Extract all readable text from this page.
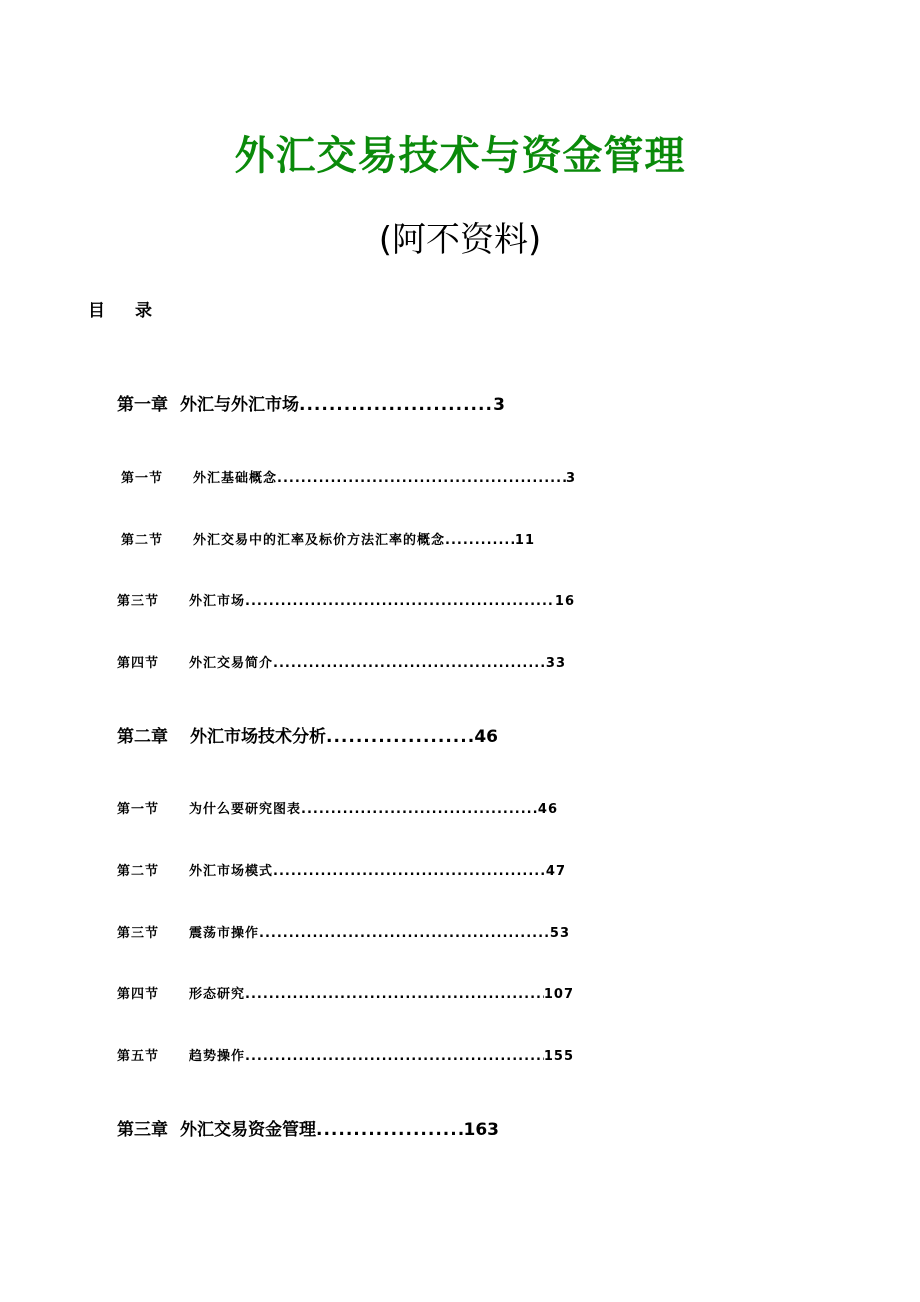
外汇交易技术与资金管理
(阿不资料)
目 录
第一章 外汇与外汇市场 .....	3
第一节	外汇基础概念 .....	3
第二节	外汇交易中的汇率及标价方法汇率的概念 .....	11
第三节	外汇市场 .....	16
第四节	外汇交易简介 .....	33
第二章 外汇市场技术分析 .....	46
第一节	为什么要研究图表 .....	46
第二节	外汇市场模式 .....	47
第三节	震荡市操作 .....	53
第四节	形态研究 .....	107
第五节	趋势操作 .....	155
第三章 外汇交易资金管理 .....	163
